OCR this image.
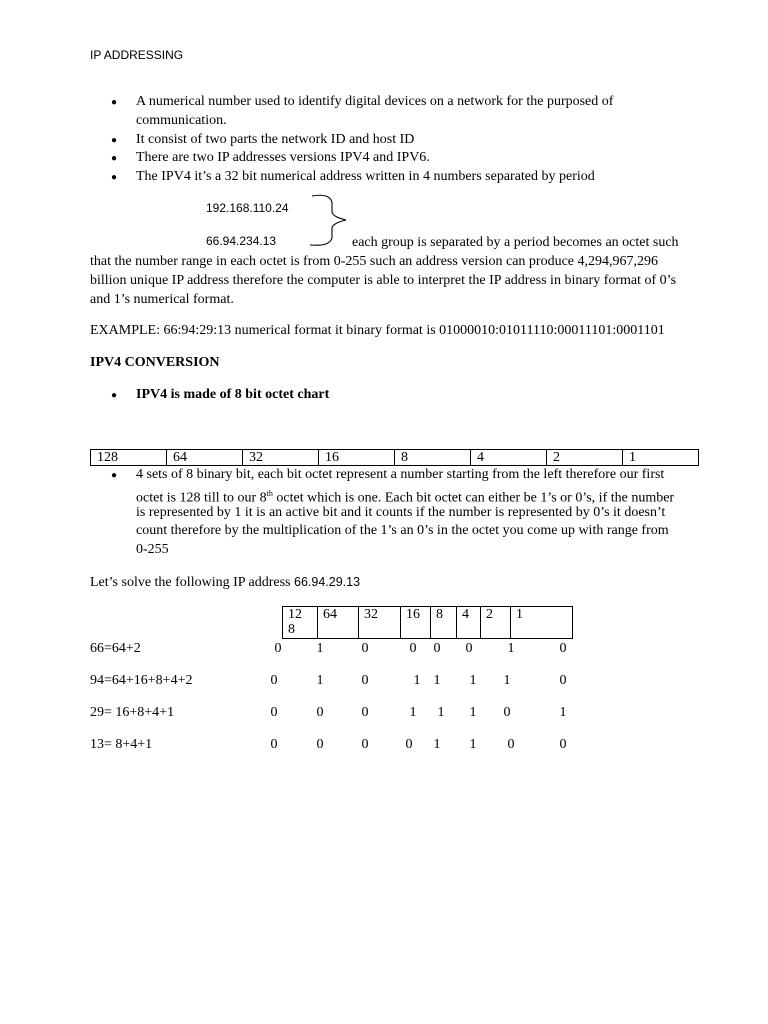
IP ADDRESSING
● A numerical number used to identify digital devices on a network for the purposed of
communication.
● It consist of two parts the network ID and host ID
● There are two IP addresses versions IPV4 and IPV6.
● The IPV4 it’s a 32 bit numerical address written in 4 numbers separated by period
192.168.110.24
66.94.234.13	each group is separated by a period becomes an octet such
that the number range in each octet is from 0-255 such an address version can produce 4,294,967,296
billion unique IP address therefore the computer is able to interpret the IP address in binary format of 0’s
and 1’s numerical format.
EXAMPLE: 66:94:29:13 numerical format it binary format is 01000010:01011110:00011101:0001101
IPV4 CONVERSION
● IPV4 is made of 8 bit octet chart
128	64	32	16	8	4	2	1
● 4 sets of 8 binary bit, each bit octet represent a number starting from the left therefore our first
octet is 128 till to our 8th octet which is one. Each bit octet can either be 1’s or 0’s, if the number
is represented by 1 it is an active bit and it counts if the number is represented by 0’s it doesn’t
count therefore by the multiplication of the 1’s an 0’s in the octet you come up with range from
0-255
Let’s solve the following IP address 66.94.29.13
12
8	64	32	16	8	4	2	1
66=64+2	0	1	0	0 0 0	1	0
94=64+16+8+4+2	0	1	0	1 1 1 1	0
29= 16+8+4+1	0	0	0	1 1 1 0	1
13= 8+4+1	0	0	0	0 1 1 0	0
